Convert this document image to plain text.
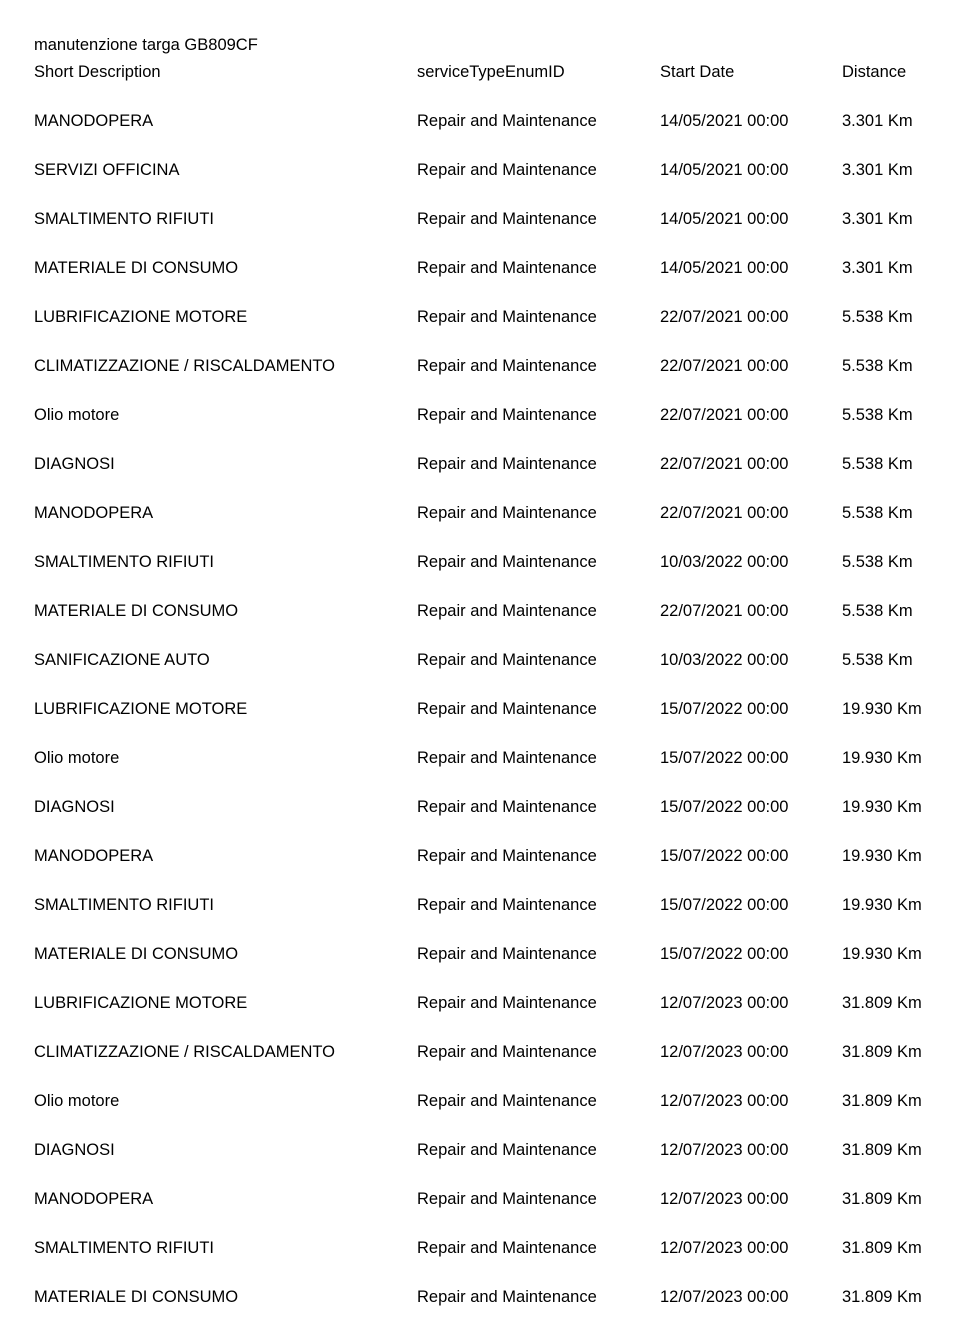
manutenzione targa GB809CF
Short Description	serviceTypeEnumID	Start Date	Distance
MANODOPERA	Repair and Maintenance	14/05/2021 00:00	3.301 Km
SERVIZI OFFICINA	Repair and Maintenance	14/05/2021 00:00	3.301 Km
SMALTIMENTO RIFIUTI	Repair and Maintenance	14/05/2021 00:00	3.301 Km
MATERIALE DI CONSUMO	Repair and Maintenance	14/05/2021 00:00	3.301 Km
LUBRIFICAZIONE MOTORE	Repair and Maintenance	22/07/2021 00:00	5.538 Km
CLIMATIZZAZIONE / RISCALDAMENTO	Repair and Maintenance	22/07/2021 00:00	5.538 Km
Olio motore	Repair and Maintenance	22/07/2021 00:00	5.538 Km
DIAGNOSI	Repair and Maintenance	22/07/2021 00:00	5.538 Km
MANODOPERA	Repair and Maintenance	22/07/2021 00:00	5.538 Km
SMALTIMENTO RIFIUTI	Repair and Maintenance	10/03/2022 00:00	5.538 Km
MATERIALE DI CONSUMO	Repair and Maintenance	22/07/2021 00:00	5.538 Km
SANIFICAZIONE AUTO	Repair and Maintenance	10/03/2022 00:00	5.538 Km
LUBRIFICAZIONE MOTORE	Repair and Maintenance	15/07/2022 00:00	19.930 Km
Olio motore	Repair and Maintenance	15/07/2022 00:00	19.930 Km
DIAGNOSI	Repair and Maintenance	15/07/2022 00:00	19.930 Km
MANODOPERA	Repair and Maintenance	15/07/2022 00:00	19.930 Km
SMALTIMENTO RIFIUTI	Repair and Maintenance	15/07/2022 00:00	19.930 Km
MATERIALE DI CONSUMO	Repair and Maintenance	15/07/2022 00:00	19.930 Km
LUBRIFICAZIONE MOTORE	Repair and Maintenance	12/07/2023 00:00	31.809 Km
CLIMATIZZAZIONE / RISCALDAMENTO	Repair and Maintenance	12/07/2023 00:00	31.809 Km
Olio motore	Repair and Maintenance	12/07/2023 00:00	31.809 Km
DIAGNOSI	Repair and Maintenance	12/07/2023 00:00	31.809 Km
MANODOPERA	Repair and Maintenance	12/07/2023 00:00	31.809 Km
SMALTIMENTO RIFIUTI	Repair and Maintenance	12/07/2023 00:00	31.809 Km
MATERIALE DI CONSUMO	Repair and Maintenance	12/07/2023 00:00	31.809 Km
